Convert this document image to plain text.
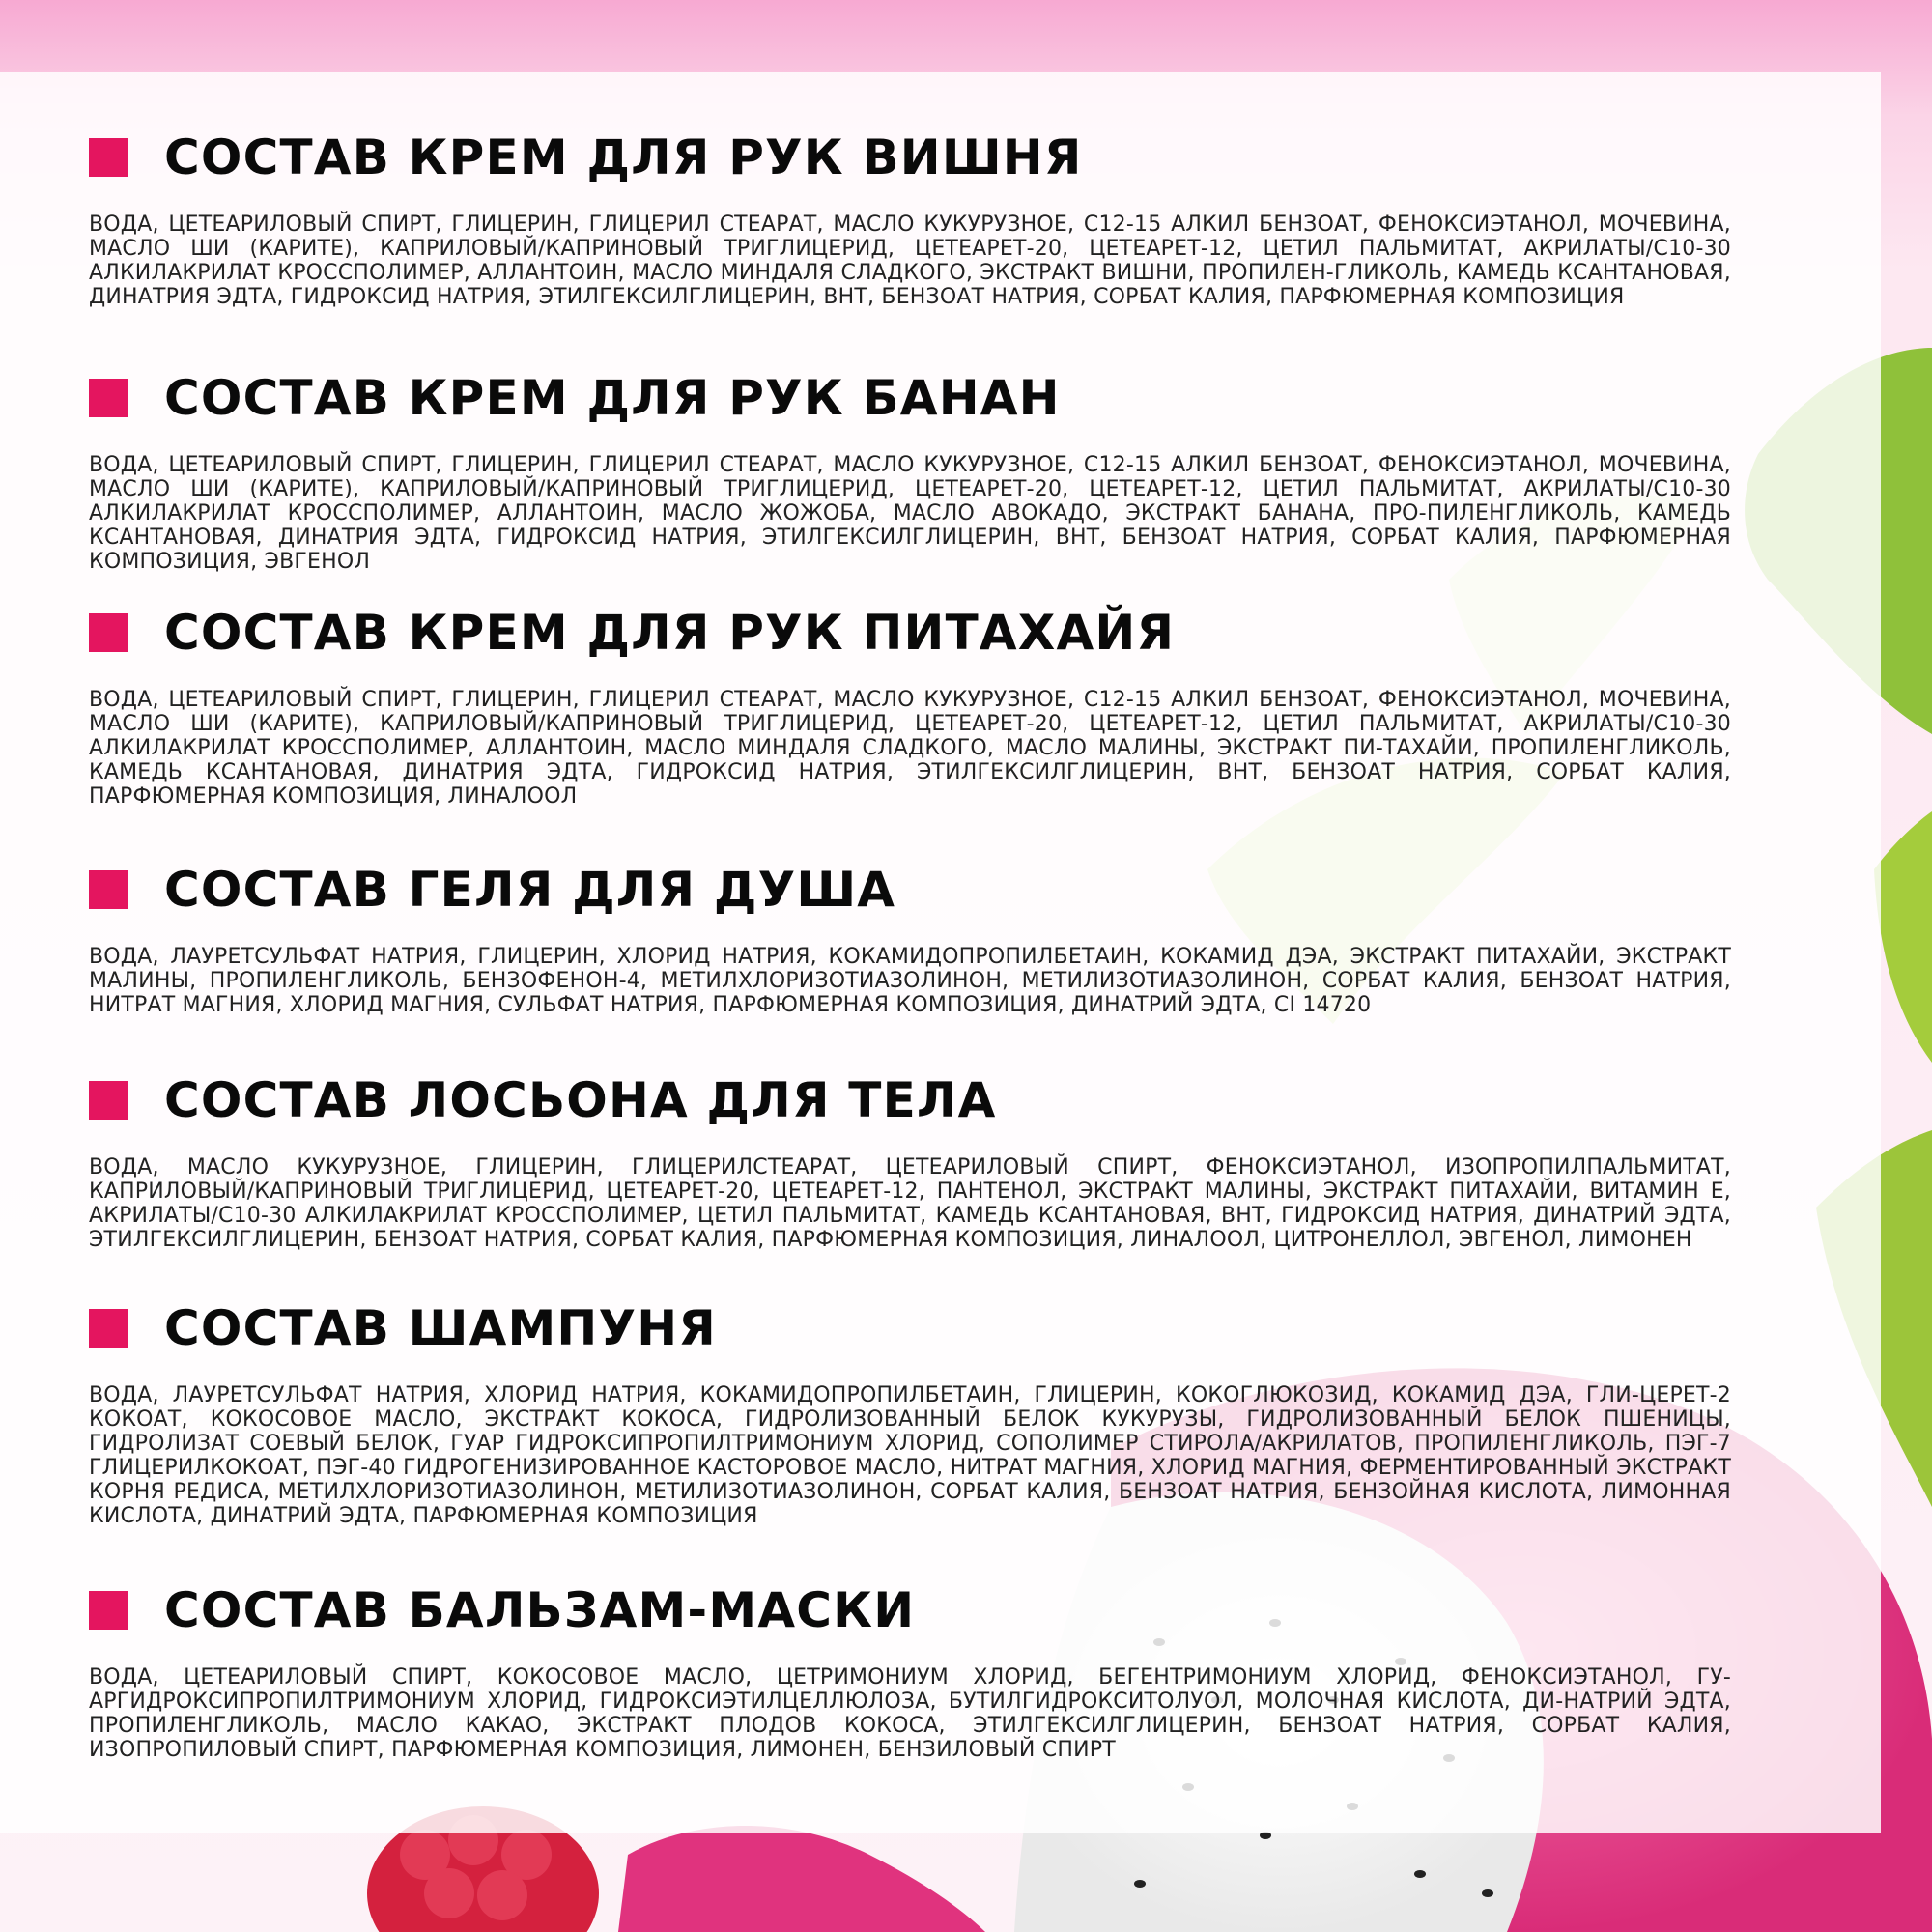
СОСТАВ КРЕМ ДЛЯ РУК ВИШНЯ
ВОДА, ЦЕТЕАРИЛОВЫЙ СПИРТ, ГЛИЦЕРИН, ГЛИЦЕРИЛ СТЕАРАТ, МАСЛО КУКУРУЗНОЕ, С12-15 АЛКИЛ БЕНЗОАТ, ФЕНОКСИЭТАНОЛ, МОЧЕВИНА, МАСЛО ШИ (КАРИТЕ), КАПРИЛОВЫЙ/КАПРИНОВЫЙ ТРИГЛИЦЕРИД, ЦЕТЕАРЕТ-20, ЦЕТЕАРЕТ-12, ЦЕТИЛ ПАЛЬМИТАТ, АКРИЛАТЫ/С10-30 АЛКИЛАКРИЛАТ КРОССПОЛИМЕР, АЛЛАНТОИН, МАСЛО МИНДАЛЯ СЛАДКОГО, ЭКСТРАКТ ВИШНИ, ПРОПИЛЕН-ГЛИКОЛЬ, КАМЕДЬ КСАНТАНОВАЯ, ДИНАТРИЯ ЭДТА, ГИДРОКСИД НАТРИЯ, ЭТИЛГЕКСИЛГЛИЦЕРИН, ВНТ, БЕНЗОАТ НАТРИЯ, СОРБАТ КАЛИЯ, ПАРФЮМЕРНАЯ КОМПОЗИЦИЯ
СОСТАВ КРЕМ ДЛЯ РУК БАНАН
ВОДА, ЦЕТЕАРИЛОВЫЙ СПИРТ, ГЛИЦЕРИН, ГЛИЦЕРИЛ СТЕАРАТ, МАСЛО КУКУРУЗНОЕ, С12-15 АЛКИЛ БЕНЗОАТ, ФЕНОКСИЭТАНОЛ, МОЧЕВИНА, МАСЛО ШИ (КАРИТЕ), КАПРИЛОВЫЙ/КАПРИНОВЫЙ ТРИГЛИЦЕРИД, ЦЕТЕАРЕТ-20, ЦЕТЕАРЕТ-12, ЦЕТИЛ ПАЛЬМИТАТ, АКРИЛАТЫ/С10-30 АЛКИЛАКРИЛАТ КРОССПОЛИМЕР, АЛЛАНТОИН, МАСЛО ЖОЖОБА, МАСЛО АВОКАДО, ЭКСТРАКТ БАНАНА, ПРО-ПИЛЕНГЛИКОЛЬ, КАМЕДЬ КСАНТАНОВАЯ, ДИНАТРИЯ ЭДТА, ГИДРОКСИД НАТРИЯ, ЭТИЛГЕКСИЛГЛИЦЕРИН, ВНТ, БЕНЗОАТ НАТРИЯ, СОРБАТ КАЛИЯ, ПАРФЮМЕРНАЯ КОМПОЗИЦИЯ, ЭВГЕНОЛ
СОСТАВ КРЕМ ДЛЯ РУК ПИТАХАЙЯ
ВОДА, ЦЕТЕАРИЛОВЫЙ СПИРТ, ГЛИЦЕРИН, ГЛИЦЕРИЛ СТЕАРАТ, МАСЛО КУКУРУЗНОЕ, С12-15 АЛКИЛ БЕНЗОАТ, ФЕНОКСИЭТАНОЛ, МОЧЕВИНА, МАСЛО ШИ (КАРИТЕ), КАПРИЛОВЫЙ/КАПРИНОВЫЙ ТРИГЛИЦЕРИД, ЦЕТЕАРЕТ-20, ЦЕТЕАРЕТ-12, ЦЕТИЛ ПАЛЬМИТАТ, АКРИЛАТЫ/С10-30 АЛКИЛАКРИЛАТ КРОССПОЛИМЕР, АЛЛАНТОИН, МАСЛО МИНДАЛЯ СЛАДКОГО, МАСЛО МАЛИНЫ, ЭКСТРАКТ ПИ-ТАХАЙИ, ПРОПИЛЕНГЛИКОЛЬ, КАМЕДЬ КСАНТАНОВАЯ, ДИНАТРИЯ ЭДТА, ГИДРОКСИД НАТРИЯ, ЭТИЛГЕКСИЛГЛИЦЕРИН, ВНТ, БЕНЗОАТ НАТРИЯ, СОРБАТ КАЛИЯ, ПАРФЮМЕРНАЯ КОМПОЗИЦИЯ, ЛИНАЛООЛ
СОСТАВ ГЕЛЯ ДЛЯ ДУША
ВОДА, ЛАУРЕТСУЛЬФАТ НАТРИЯ, ГЛИЦЕРИН, ХЛОРИД НАТРИЯ, КОКАМИДОПРОПИЛБЕТАИН, КОКАМИД ДЭА, ЭКСТРАКТ ПИТАХАЙИ, ЭКСТРАКТ МАЛИНЫ, ПРОПИЛЕНГЛИКОЛЬ, БЕНЗОФЕНОН-4, МЕТИЛХЛОРИЗОТИАЗОЛИНОН, МЕТИЛИЗОТИАЗОЛИНОН, СОРБАТ КАЛИЯ, БЕНЗОАТ НАТРИЯ, НИТРАТ МАГНИЯ, ХЛОРИД МАГНИЯ, СУЛЬФАТ НАТРИЯ, ПАРФЮМЕРНАЯ КОМПОЗИЦИЯ, ДИНАТРИЙ ЭДТА, CI 14720
СОСТАВ ЛОСЬОНА ДЛЯ ТЕЛА
ВОДА, МАСЛО КУКУРУЗНОЕ, ГЛИЦЕРИН, ГЛИЦЕРИЛСТЕАРАТ, ЦЕТЕАРИЛОВЫЙ СПИРТ, ФЕНОКСИЭТАНОЛ, ИЗОПРОПИЛПАЛЬМИТАТ, КАПРИЛОВЫЙ/КАПРИНОВЫЙ ТРИГЛИЦЕРИД, ЦЕТЕАРЕТ-20, ЦЕТЕАРЕТ-12, ПАНТЕНОЛ, ЭКСТРАКТ МАЛИНЫ, ЭКСТРАКТ ПИТАХАЙИ, ВИТАМИН Е, АКРИЛАТЫ/С10-30 АЛКИЛАКРИЛАТ КРОССПОЛИМЕР, ЦЕТИЛ ПАЛЬМИТАТ, КАМЕДЬ КСАНТАНОВАЯ, ВНТ, ГИДРОКСИД НАТРИЯ, ДИНАТРИЙ ЭДТА, ЭТИЛГЕКСИЛГЛИЦЕРИН, БЕНЗОАТ НАТРИЯ, СОРБАТ КАЛИЯ, ПАРФЮМЕРНАЯ КОМПОЗИЦИЯ, ЛИНАЛООЛ, ЦИТРОНЕЛЛОЛ, ЭВГЕНОЛ, ЛИМОНЕН
СОСТАВ ШАМПУНЯ
ВОДА, ЛАУРЕТСУЛЬФАТ НАТРИЯ, ХЛОРИД НАТРИЯ, КОКАМИДОПРОПИЛБЕТАИН, ГЛИЦЕРИН, КОКОГЛЮКОЗИД, КОКАМИД ДЭА, ГЛИ-ЦЕРЕТ-2 КОКОАТ, КОКОСОВОЕ МАСЛО, ЭКСТРАКТ КОКОСА, ГИДРОЛИЗОВАННЫЙ БЕЛОК КУКУРУЗЫ, ГИДРОЛИЗОВАННЫЙ БЕЛОК ПШЕНИЦЫ, ГИДРОЛИЗАТ СОЕВЫЙ БЕЛОК, ГУАР ГИДРОКСИПРОПИЛТРИМОНИУМ ХЛОРИД, СОПОЛИМЕР СТИРОЛА/АКРИЛАТОВ, ПРОПИЛЕНГЛИКОЛЬ, ПЭГ-7 ГЛИЦЕРИЛКОКОАТ, ПЭГ-40 ГИДРОГЕНИЗИРОВАННОЕ КАСТОРОВОЕ МАСЛО, НИТРАТ МАГНИЯ, ХЛОРИД МАГНИЯ, ФЕРМЕНТИРОВАННЫЙ ЭКСТРАКТ КОРНЯ РЕДИСА, МЕТИЛХЛОРИЗОТИАЗОЛИНОН, МЕТИЛИЗОТИАЗОЛИНОН, СОРБАТ КАЛИЯ, БЕНЗОАТ НАТРИЯ, БЕНЗОЙНАЯ КИСЛОТА, ЛИМОННАЯ КИСЛОТА, ДИНАТРИЙ ЭДТА, ПАРФЮМЕРНАЯ КОМПОЗИЦИЯ
СОСТАВ БАЛЬЗАМ-МАСКИ
ВОДА, ЦЕТЕАРИЛОВЫЙ СПИРТ, КОКОСОВОЕ МАСЛО, ЦЕТРИМОНИУМ ХЛОРИД, БЕГЕНТРИМОНИУМ ХЛОРИД, ФЕНОКСИЭТАНОЛ, ГУ-АРГИДРОКСИПРОПИЛТРИМОНИУМ ХЛОРИД, ГИДРОКСИЭТИЛЦЕЛЛЮЛОЗА, БУТИЛГИДРОКСИТОЛУОЛ, МОЛОЧНАЯ КИСЛОТА, ДИ-НАТРИЙ ЭДТА, ПРОПИЛЕНГЛИКОЛЬ, МАСЛО КАКАО, ЭКСТРАКТ ПЛОДОВ КОКОСА, ЭТИЛГЕКСИЛГЛИЦЕРИН, БЕНЗОАТ НАТРИЯ, СОРБАТ КАЛИЯ, ИЗОПРОПИЛОВЫЙ СПИРТ, ПАРФЮМЕРНАЯ КОМПОЗИЦИЯ, ЛИМОНЕН, БЕНЗИЛОВЫЙ СПИРТ
